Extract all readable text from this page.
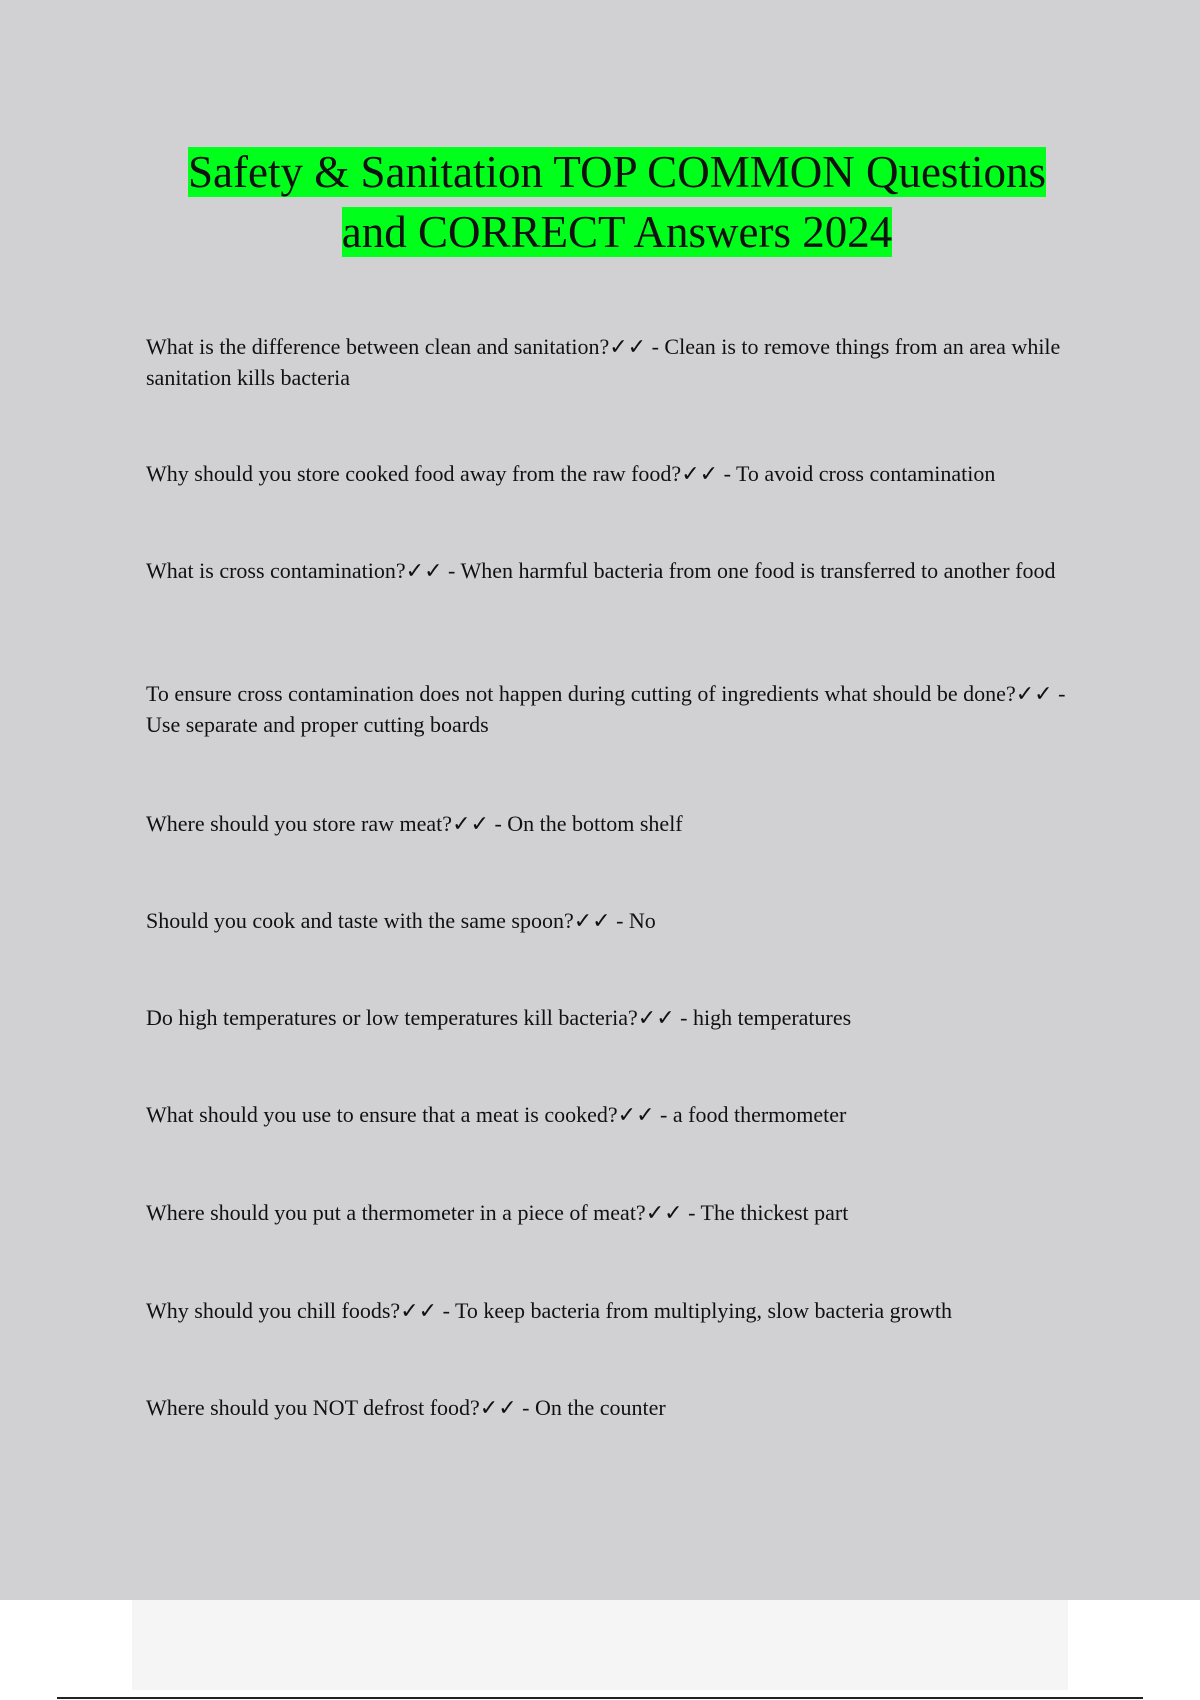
Safety & Sanitation TOP COMMON Questions
and CORRECT Answers 2024

What is the difference between clean and sanitation?✓✓ - Clean is to remove things from an area while sanitation kills bacteria

Why should you store cooked food away from the raw food?✓✓ - To avoid cross contamination

What is cross contamination?✓✓ - When harmful bacteria from one food is transferred to another food

To ensure cross contamination does not happen during cutting of ingredients what should be done?✓✓ - Use separate and proper cutting boards

Where should you store raw meat?✓✓ - On the bottom shelf

Should you cook and taste with the same spoon?✓✓ - No

Do high temperatures or low temperatures kill bacteria?✓✓ - high temperatures

What should you use to ensure that a meat is cooked?✓✓ - a food thermometer

Where should you put a thermometer in a piece of meat?✓✓ - The thickest part

Why should you chill foods?✓✓ - To keep bacteria from multiplying, slow bacteria growth

Where should you NOT defrost food?✓✓ - On the counter
